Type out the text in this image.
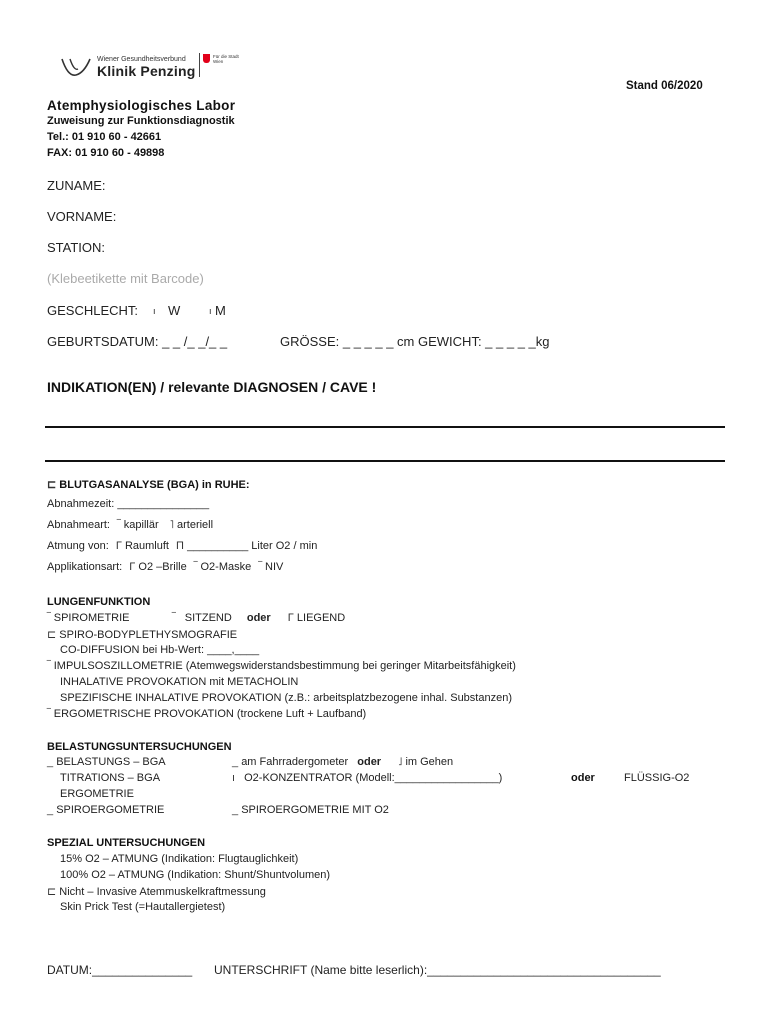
Wiener Gesundheitsverbund
Klinik Penzing
Für die Stadt Wien
Stand 06/2020
Atemphysiologisches Labor
Zuweisung zur Funktionsdiagnostik
Tel.: 01 910 60 - 42661
FAX: 01 910 60 - 49898
ZUNAME:
VORNAME:
STATION:
(Klebeetikette mit Barcode)
GESCHLECHT: ı W	ı M
GEBURTSDATUM: _ _ /_ _/_ _	GRÖSSE: _ _ _ _ _ cm GEWICHT: _ _ _ _ _kg
INDIKATION(EN) / relevante DIAGNOSEN / CAVE !
⊏ BLUTGASANALYSE (BGA) in RUHE:
Abnahmezeit: _______________
Abnahmeart: ‾ kapillär ˥ arteriell
Atmung von: Γ Raumluft Π __________ Liter O2 / min
Applikationsart: Γ O2 –Brille ‾ O2-Maske ‾ NIV
LUNGENFUNKTION
‾ SPIROMETRIE	‾ SITZEND oder Γ LIEGEND
⊏ SPIRO-BODYPLETHYSMOGRAFIE
CO-DIFFUSION bei Hb-Wert: ____,____
‾ IMPULSOSZILLOMETRIE (Atemwegswiderstandsbestimmung bei geringer Mitarbeitsfähigkeit)
INHALATIVE PROVOKATION mit METACHOLIN
SPEZIFISCHE INHALATIVE PROVOKATION (z.B.: arbeitsplatzbezogene inhal. Substanzen)
‾ ERGOMETRISCHE PROVOKATION (trockene Luft + Laufband)
BELASTUNGSUNTERSUCHUNGEN
_ BELASTUNGS – BGA	_ am Fahrradergometer oder ˩ im Gehen
TITRATIONS – BGA	ı O2-KONZENTRATOR (Modell:_________________)	oder	FLÜSSIG-O2
ERGOMETRIE
_ SPIROERGOMETRIE	_ SPIROERGOMETRIE MIT O2
SPEZIAL UNTERSUCHUNGEN
15% O2 – ATMUNG (Indikation: Flugtauglichkeit)
100% O2 – ATMUNG (Indikation: Shunt/Shuntvolumen)
⊏ Nicht – Invasive Atemmuskelkraftmessung
Skin Prick Test (=Hautallergietest)
DATUM:_______________ UNTERSCHRIFT (Name bitte leserlich):___________________________________
